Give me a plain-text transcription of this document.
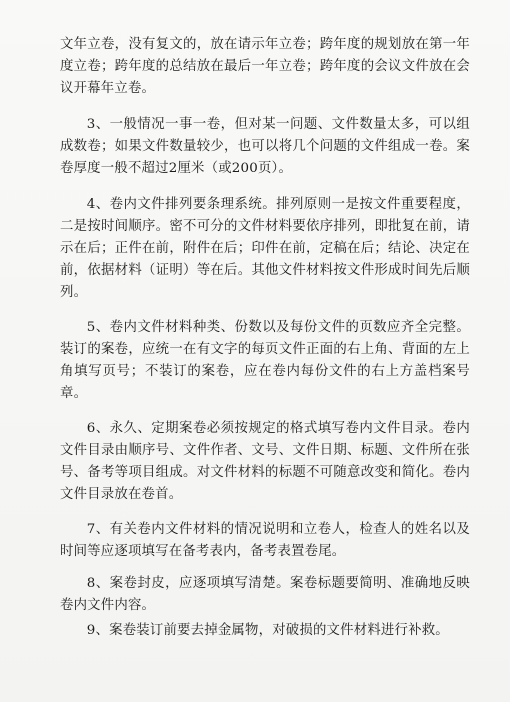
文年立卷，没有复文的，放在请示年立卷；跨年度的规划放在第一年度立卷；跨年度的总结放在最后一年立卷；跨年度的会议文件放在会议开幕年立卷。

3、一般情况一事一卷，但对某一问题、文件数量太多，可以组成数卷；如果文件数量较少，也可以将几个问题的文件组成一卷。案卷厚度一般不超过2厘米（或200页）。

4、卷内文件排列要条理系统。排列原则一是按文件重要程度，二是按时间顺序。密不可分的文件材料要依序排列，即批复在前，请示在后；正件在前，附件在后；印件在前，定稿在后；结论、决定在前，依据材料（证明）等在后。其他文件材料按文件形成时间先后顺列。

5、卷内文件材料种类、份数以及每份文件的页数应齐全完整。装订的案卷，应统一在有文字的每页文件正面的右上角、背面的左上角填写页号；不装订的案卷，应在卷内每份文件的右上方盖档案号章。

6、永久、定期案卷必须按规定的格式填写卷内文件目录。卷内文件目录由顺序号、文件作者、文号、文件日期、标题、文件所在张号、备考等项目组成。对文件材料的标题不可随意改变和简化。卷内文件目录放在卷首。

7、有关卷内文件材料的情况说明和立卷人，检查人的姓名以及时间等应逐项填写在备考表内，备考表置卷尾。

8、案卷封皮，应逐项填写清楚。案卷标题要简明、准确地反映卷内文件内容。

9、案卷装订前要去掉金属物，对破损的文件材料进行补救。
